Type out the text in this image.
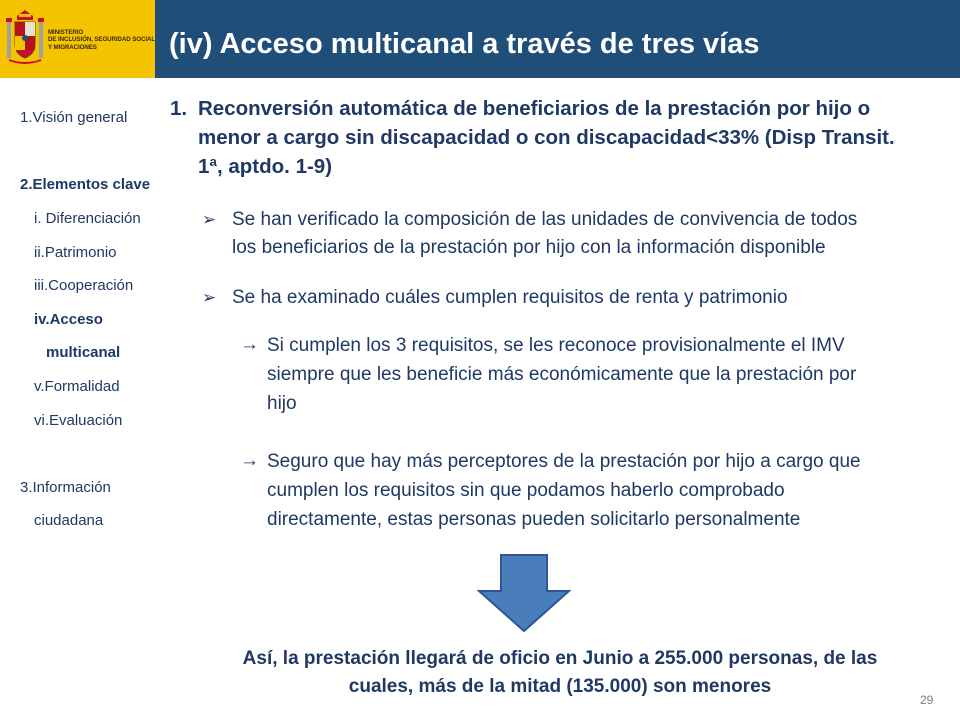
MINISTERIO
DE INCLUSIÓN, SEGURIDAD SOCIAL
Y MIGRACIONES	(iv) Acceso multicanal a través de tres vías
1.Visión general
2.Elementos clave
i. Diferenciación
ii.Patrimonio
iii.Cooperación
iv.Acceso
multicanal
v.Formalidad
vi.Evaluación
3.Información
ciudadana
1. Reconversión automática de beneficiarios de la prestación por hijo o
menor a cargo sin discapacidad o con discapacidad<33% (Disp Transit.
1ª, aptdo. 1-9)
➢ Se han verificado la composición de las unidades de convivencia de todos
los beneficiarios de la prestación por hijo con la información disponible
➢ Se ha examinado cuáles cumplen requisitos de renta y patrimonio
→ Si cumplen los 3 requisitos, se les reconoce provisionalmente el IMV
siempre que les beneficie más económicamente que la prestación por
hijo
→ Seguro que hay más perceptores de la prestación por hijo a cargo que
cumplen los requisitos sin que podamos haberlo comprobado
directamente, estas personas pueden solicitarlo personalmente
Así, la prestación llegará de oficio en Junio a 255.000 personas, de las
cuales, más de la mitad (135.000) son menores
29
